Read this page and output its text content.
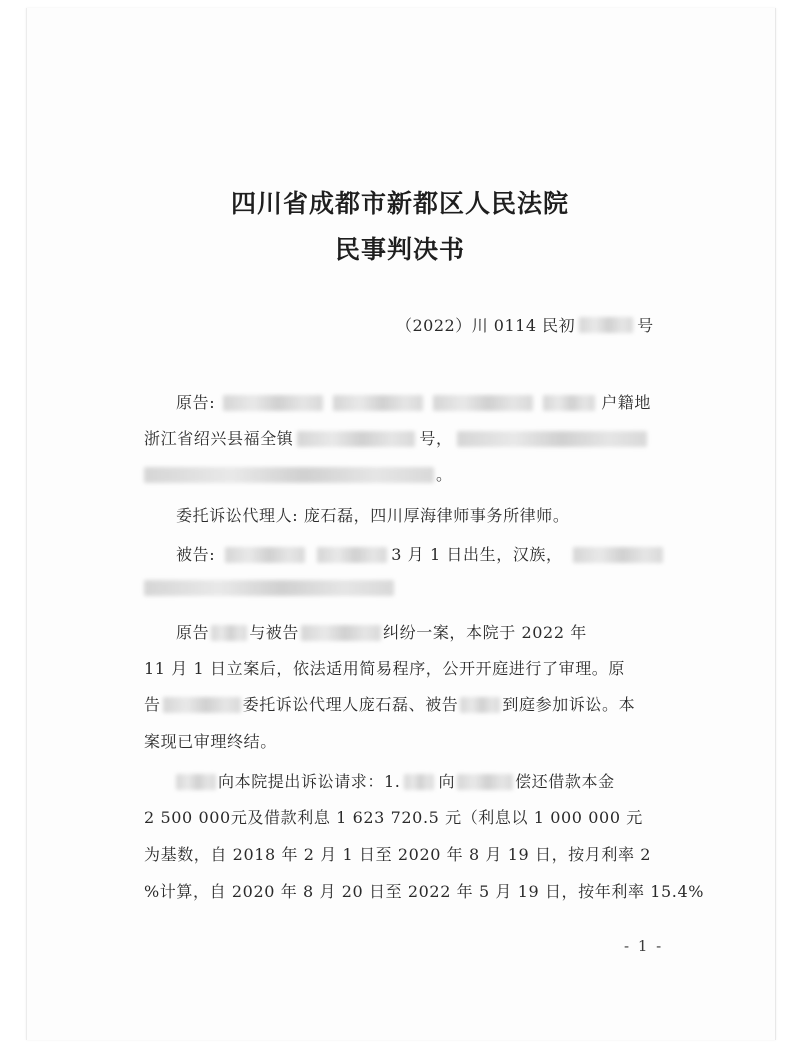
四川省成都市新都区人民法院
民事判决书
（2022）川 0114 民初	号
原告:	户籍地
浙江省绍兴县福全镇	号，
。
委托诉讼代理人: 庞石磊，四川厚海律师事务所律师。
被告:	3 月 1 日出生，汉族，
原告	与被告	纠纷一案，本院于 2022 年
11 月 1 日立案后，依法适用简易程序，公开开庭进行了审理。原
告	委托诉讼代理人庞石磊、被告	到庭参加诉讼。本
案现已审理终结。
向本院提出诉讼请求：1. 向	偿还借款本金
2 500 000元及借款利息 1 623 720.5 元（利息以 1 000 000 元
为基数，自 2018 年 2 月 1 日至 2020 年 8 月 19 日，按月利率 2
%计算，自 2020 年 8 月 20 日至 2022 年 5 月 19 日，按年利率 15.4%
- 1 -
